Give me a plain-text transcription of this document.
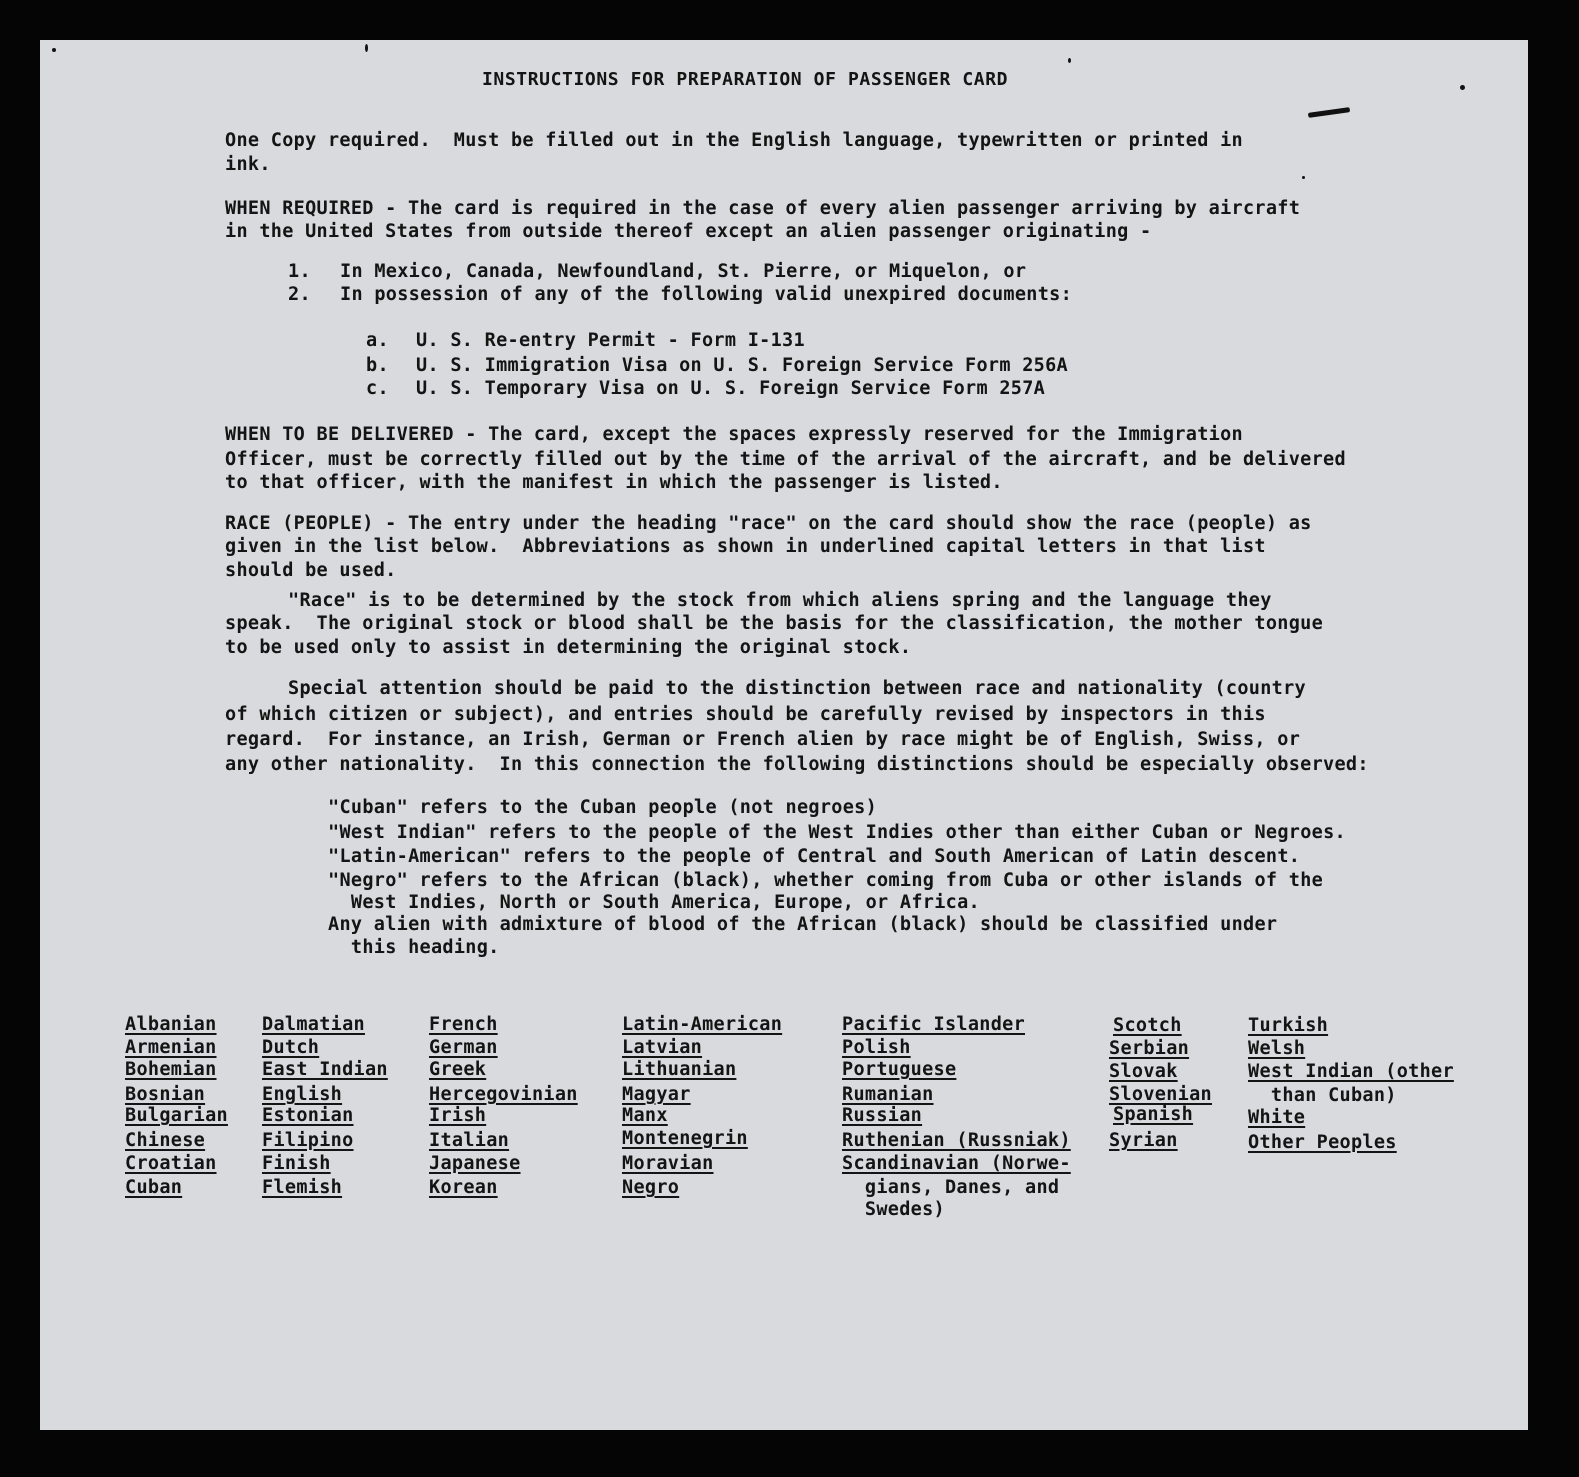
INSTRUCTIONS FOR PREPARATION OF PASSENGER CARD
One Copy required.  Must be filled out in the English language, typewritten or printed in
ink.
WHEN REQUIRED - The card is required in the case of every alien passenger arriving by aircraft
in the United States from outside thereof except an alien passenger originating -
1. In Mexico, Canada, Newfoundland, St. Pierre, or Miquelon, or
2. In possession of any of the following valid unexpired documents:
a. U. S. Re-entry Permit - Form I-131
b. U. S. Immigration Visa on U. S. Foreign Service Form 256A
c. U. S. Temporary Visa on U. S. Foreign Service Form 257A
WHEN TO BE DELIVERED - The card, except the spaces expressly reserved for the Immigration
Officer, must be correctly filled out by the time of the arrival of the aircraft, and be delivered
to that officer, with the manifest in which the passenger is listed.
RACE (PEOPLE) - The entry under the heading "race" on the card should show the race (people) as
given in the list below.  Abbreviations as shown in underlined capital letters in that list
should be used.
"Race" is to be determined by the stock from which aliens spring and the language they
speak.  The original stock or blood shall be the basis for the classification, the mother tongue
to be used only to assist in determining the original stock.
Special attention should be paid to the distinction between race and nationality (country
of which citizen or subject), and entries should be carefully revised by inspectors in this
regard.  For instance, an Irish, German or French alien by race might be of English, Swiss, or
any other nationality.  In this connection the following distinctions should be especially observed:
"Cuban" refers to the Cuban people (not negroes)
"West Indian" refers to the people of the West Indies other than either Cuban or Negroes.
"Latin-American" refers to the people of Central and South American of Latin descent.
"Negro" refers to the African (black), whether coming from Cuba or other islands of the
West Indies, North or South America, Europe, or Africa.
Any alien with admixture of blood of the African (black) should be classified under
this heading.
Albanian
Armenian
Bohemian
Bosnian
Bulgarian
Chinese
Croatian
Cuban
Dalmatian
Dutch
East Indian
English
Estonian
Filipino
Finish
Flemish
French
German
Greek
Hercegovinian
Irish
Italian
Japanese
Korean
Latin-American
Latvian
Lithuanian
Magyar
Manx
Montenegrin
Moravian
Negro
Pacific Islander
Polish
Portuguese
Rumanian
Russian
Ruthenian (Russniak)
Scandinavian (Norwe-
gians, Danes, and
Swedes)
Scotch
Serbian
Slovak
Slovenian
Spanish
Syrian
Turkish
Welsh
West Indian (other
than Cuban)
White
Other Peoples
